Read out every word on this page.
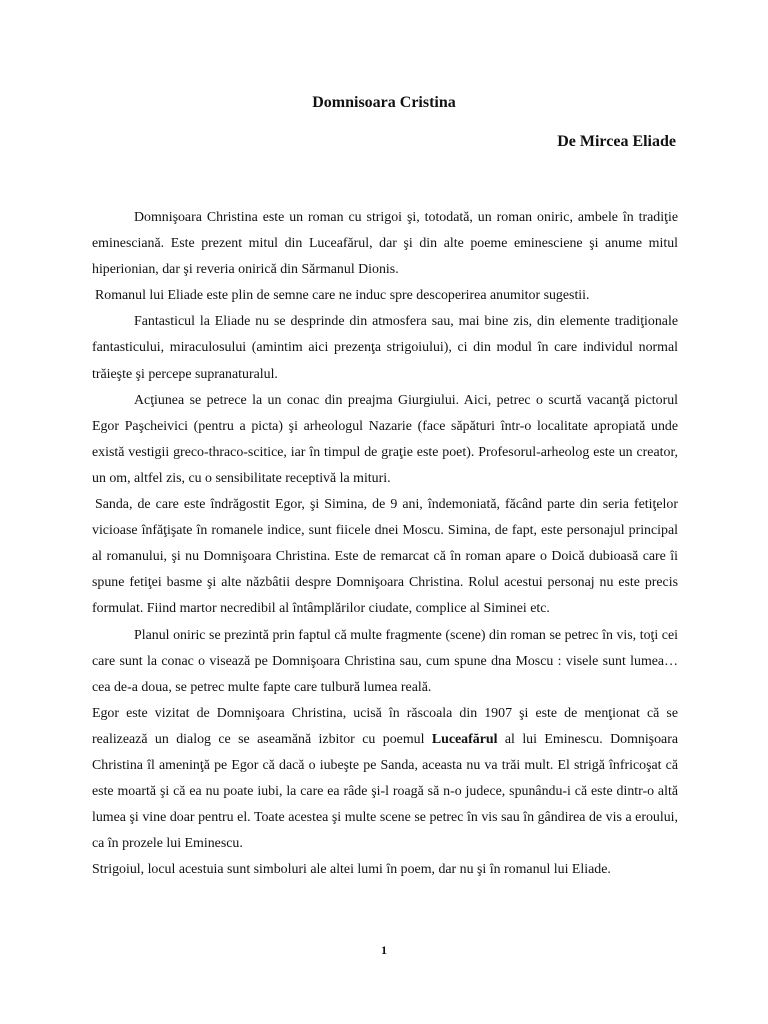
Domnisoara Cristina
De Mircea Eliade

Domnişoara Christina este un roman cu strigoi şi, totodată, un roman oniric, ambele în tradiţie eminesciană. Este prezent mitul din Luceafărul, dar şi din alte poeme eminesciene şi anume mitul hiperionian, dar şi reveria onirică din Sărmanul Dionis.

Romanul lui Eliade este plin de semne care ne induc spre descoperirea anumitor sugestii.

Fantasticul la Eliade nu se desprinde din atmosfera sau, mai bine zis, din elemente tradiţionale fantasticului, miraculosului (amintim aici prezenţa strigoiului), ci din modul în care individul normal trăieşte şi percepe supranaturalul.

Acţiunea se petrece la un conac din preajma Giurgiului. Aici, petrec o scurtă vacanţă pictorul Egor Paşcheivici (pentru a picta) şi arheologul Nazarie (face săpături într-o localitate apropiată unde există vestigii greco-thraco-scitice, iar în timpul de graţie este poet). Profesorul-arheolog este un creator, un om, altfel zis, cu o sensibilitate receptivă la mituri.

Sanda, de care este îndrăgostit Egor, şi Simina, de 9 ani, îndemoniată, făcând parte din seria fetiţelor vicioase înfăţişate în romanele indice, sunt fiicele dnei Moscu. Simina, de fapt, este personajul principal al romanului, şi nu Domnişoara Christina. Este de remarcat că în roman apare o Doică dubioasă care îi spune fetiţei basme şi alte năzbâtii despre Domnişoara Christina. Rolul acestui personaj nu este precis formulat. Fiind martor necredibil al întâmplărilor ciudate, complice al Siminei etc.

Planul oniric se prezintă prin faptul că multe fragmente (scene) din roman se petrec în vis, toţi cei care sunt la conac o visează pe Domnişoara Christina sau, cum spune dna Moscu : visele sunt lumea…cea de-a doua, se petrec multe fapte care tulbură lumea reală.

Egor este vizitat de Domnişoara Christina, ucisă în răscoala din 1907 şi este de menţionat că se realizează un dialog ce se aseamănă izbitor cu poemul Luceafărul al lui Eminescu. Domnişoara Christina îl ameninţă pe Egor că dacă o iubeşte pe Sanda, aceasta nu va trăi mult. El strigă înfricoşat că este moartă şi că ea nu poate iubi, la care ea râde şi-l roagă să n-o judece, spunându-i că este dintr-o altă lumea şi vine doar pentru el. Toate acestea şi multe scene se petrec în vis sau în gândirea de vis a eroului, ca în prozele lui Eminescu.

Strigoiul, locul acestuia sunt simboluri ale altei lumi în poem, dar nu şi în romanul lui Eliade.

1
